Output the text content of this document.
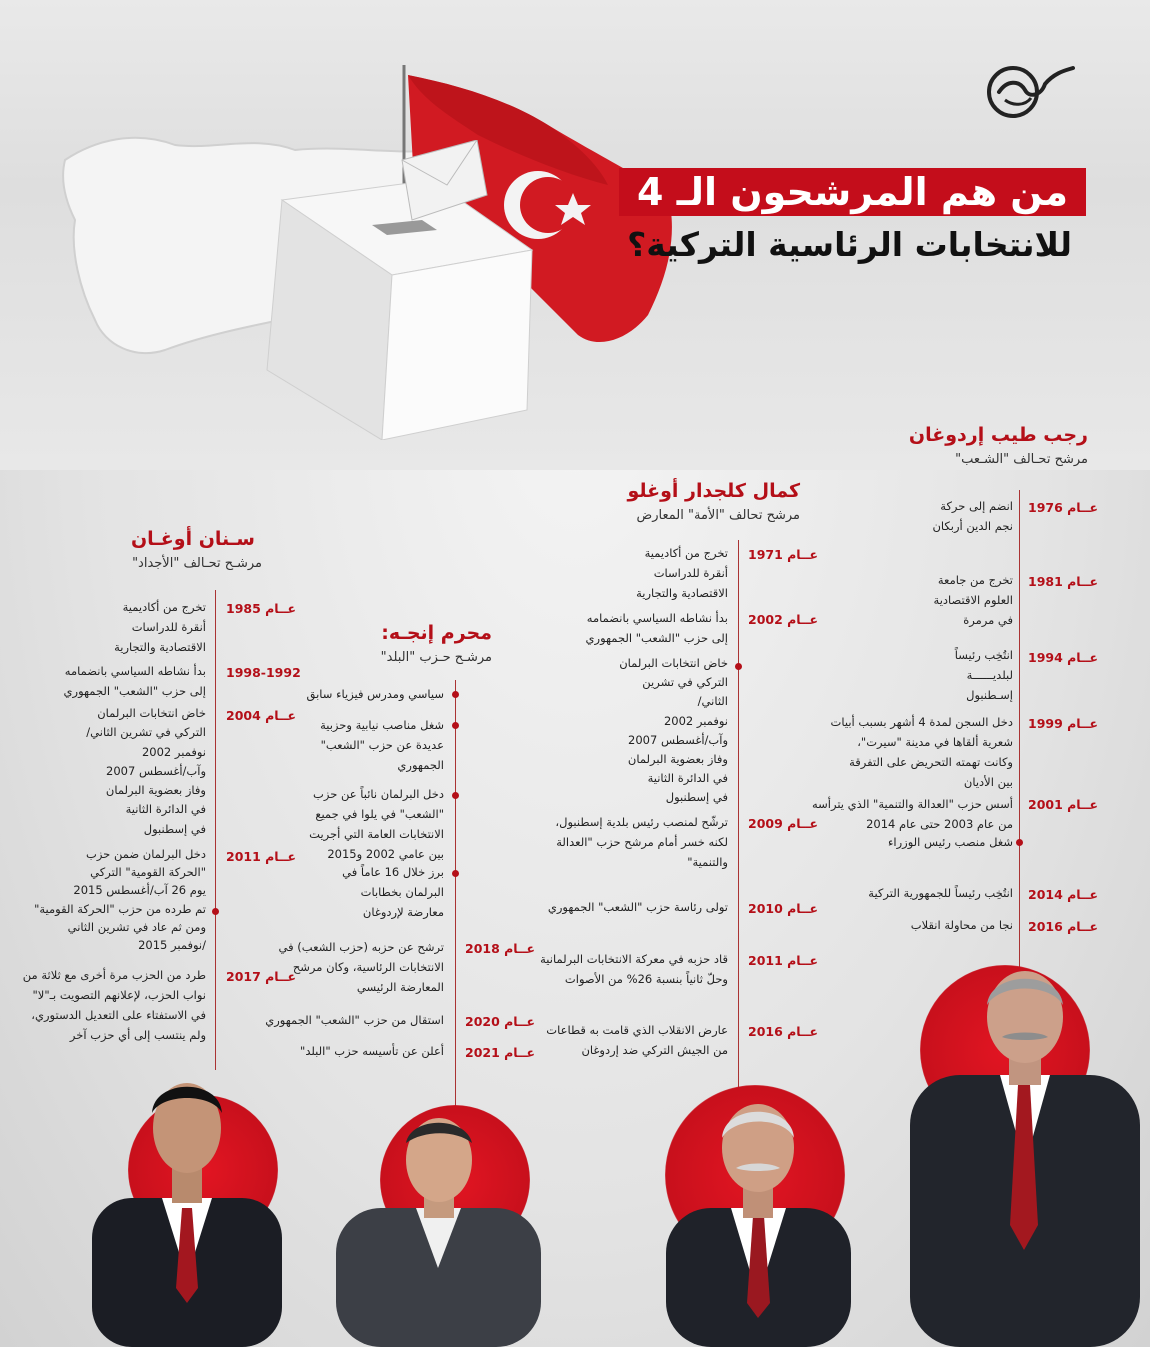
من هم المرشحون الـ 4
للانتخابات الرئاسية التركية؟
رجب طيب إردوغان
مرشح تحـالف "الشـعب"
عــام 1976
انضم إلى حركة
نجم الدين أربكان
عــام 1981
تخرج من جامعة
العلوم الاقتصادية
في مرمرة
عــام 1994
انتُخِب رئيساً
لبلديــــــة
إسـطنبول
عــام 1999
دخل السجن لمدة 4 أشهر بسبب أبيات
شعرية ألقاها في مدينة "سيرت"،
وكانت تهمته التحريض على التفرقة
بين الأديان
عــام 2001
أسس حزب "العدالة والتنمية" الذي يترأسه
من عام 2003 حتى عام 2014
شغل منصب رئيس الوزراء
عــام 2014
انتُخِب رئيساً للجمهورية التركية
عــام 2016
نجا من محاولة انقلاب
كمال كلجدار أوغلو
مرشح تحالف "الأمة" المعارض
عــام 1971
تخرج من أكاديمية
أنقرة للدراسات
الاقتصادية والتجارية
عــام 2002
بدأ نشاطه السياسي بانضمامه
إلى حزب "الشعب" الجمهوري
خاض انتخابات البرلمان
التركي في تشرين
الثاني/
نوفمبر 2002
وآب/أغسطس 2007
وفاز بعضوية البرلمان
في الدائرة الثانية
في إسطنبول
عــام 2009
ترشّح لمنصب رئيس بلدية إسطنبول،
لكنه خسر أمام مرشح حزب "العدالة
والتنمية"
عــام 2010
تولى رئاسة حزب "الشعب" الجمهوري
عــام 2011
قاد حزبه في معركة الانتخابات البرلمانية
وحلّ ثانياً بنسبة 26% من الأصوات
عــام 2016
عارض الانقلاب الذي قامت به قطاعات
من الجيش التركي ضد إردوغان
محرم إنجـه:
مرشـح حـزب "البلد"
سياسي ومدرس فيزياء سابق
شغل مناصب نيابية وحزبية
عديدة عن حزب "الشعب"
الجمهوري
دخل البرلمان نائباً عن حزب
"الشعب" في يلوا في جميع
الانتخابات العامة التي أجريت
بين عامي 2002 و2015
برز خلال 16 عاماً في
البرلمان بخطابات
معارضة لإردوغان
عــام 2018
ترشح عن حزبه (حزب الشعب) في
الانتخابات الرئاسية، وكان مرشح
المعارضة الرئيسي
عــام 2020
استقال من حزب "الشعب" الجمهوري
عــام 2021
أعلن عن تأسيسه حزب "البلد"
سـنان أوغـان
مرشـح تحـالف "الأجداد"
عــام 1985
تخرج من أكاديمية
أنقرة للدراسات
الاقتصادية والتجارية
1998-1992
بدأ نشاطه السياسي بانضمامه
إلى حزب "الشعب" الجمهوري
عــام 2004
خاض انتخابات البرلمان
التركي في تشرين الثاني/
نوفمبر 2002
وآب/أغسطس 2007
وفاز بعضوية البرلمان
في الدائرة الثانية
في إسطنبول
عــام 2011
دخل البرلمان ضمن حزب
"الحركة القومية" التركي
يوم 26 آب/أغسطس 2015
تم طرده من حزب "الحركة القومية"
ومن ثم عاد في تشرين الثاني
/نوفمبر 2015
عــام 2017
طرد من الحزب مرة أخرى مع ثلاثة من
نواب الحزب، لإعلانهم التصويت بـ"لا"
في الاستفتاء على التعديل الدستوري،
ولم ينتسب إلى أي حزب آخر
